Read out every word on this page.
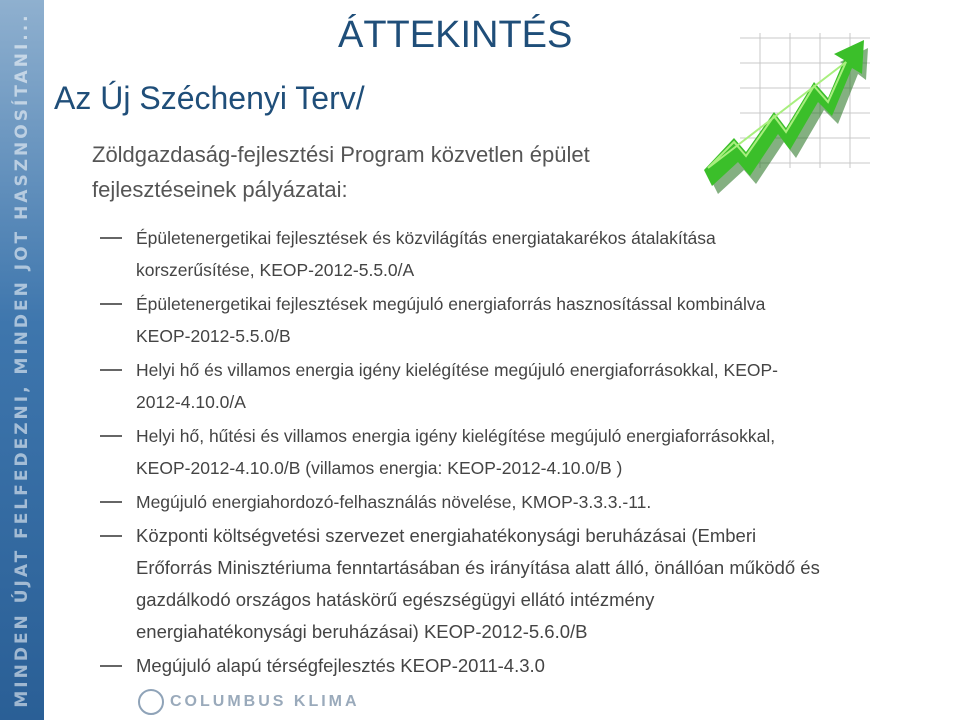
MINDEN ÚJAT FELFEDEZNI, MINDEN JOT HASZNOSÍTANI...	ÁTTEKINTÉS
Az Új Széchenyi Terv/

Zöldgazdaság-fejlesztési Program közvetlen épület
fejlesztéseinek pályázatai:

Épületenergetikai fejlesztések és közvilágítás energiatakarékos átalakítása
korszerűsítése, KEOP-2012-5.5.0/A
Épületenergetikai fejlesztések megújuló energiaforrás hasznosítással kombinálva
KEOP-2012-5.5.0/B
Helyi hő és villamos energia igény kielégítése megújuló energiaforrásokkal, KEOP-
2012-4.10.0/A
Helyi hő, hűtési és villamos energia igény kielégítése megújuló energiaforrásokkal,
KEOP-2012-4.10.0/B (villamos energia: KEOP-2012-4.10.0/B )
Megújuló energiahordozó-felhasználás növelése, KMOP-3.3.3.-11.
Központi költségvetési szervezet energiahatékonysági beruházásai (Emberi
Erőforrás Minisztériuma fenntartásában és irányítása alatt álló, önállóan működő és
gazdálkodó országos hatáskörű egészségügyi ellátó intézmény
energiahatékonysági beruházásai) KEOP-2012-5.6.0/B
Megújuló alapú térségfejlesztés KEOP-2011-4.3.0
COLUMBUS KLIMA
